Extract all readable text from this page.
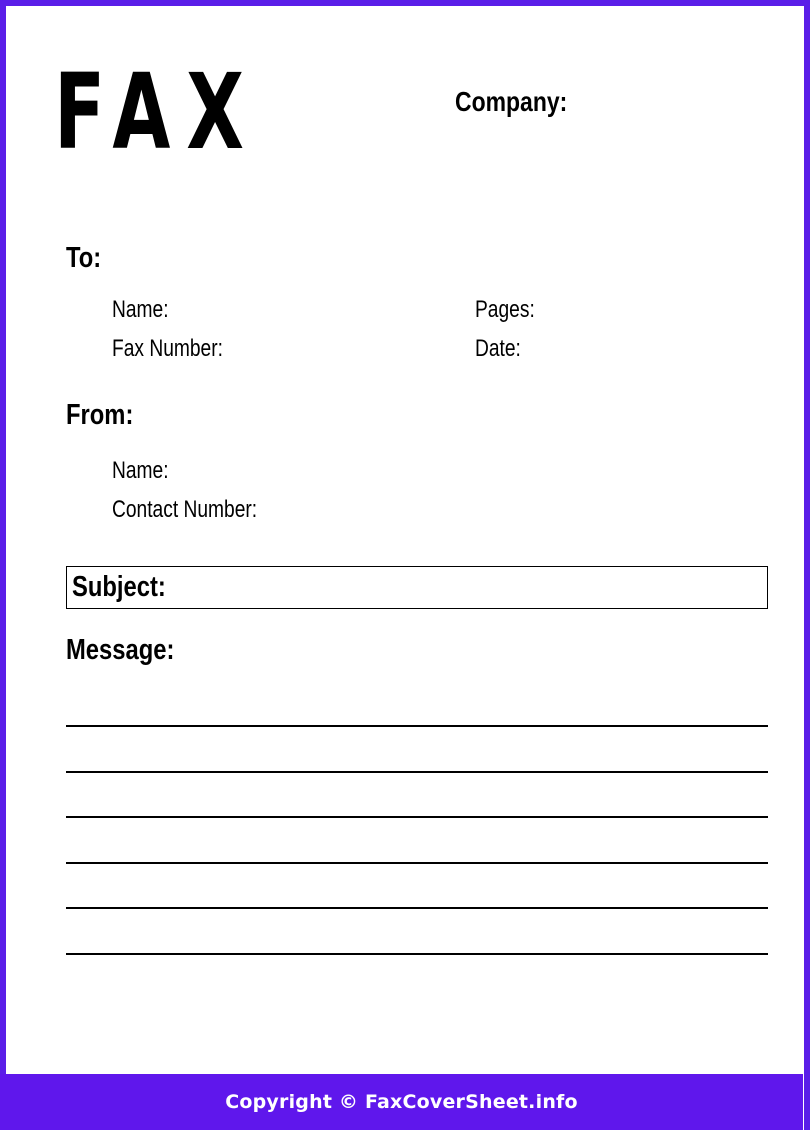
FAX	Company:
To:
Name:
Fax Number:
Pages:
Date:
From:
Name:
Contact Number:
Subject:
Message:
Copyright © FaxCoverSheet.info
